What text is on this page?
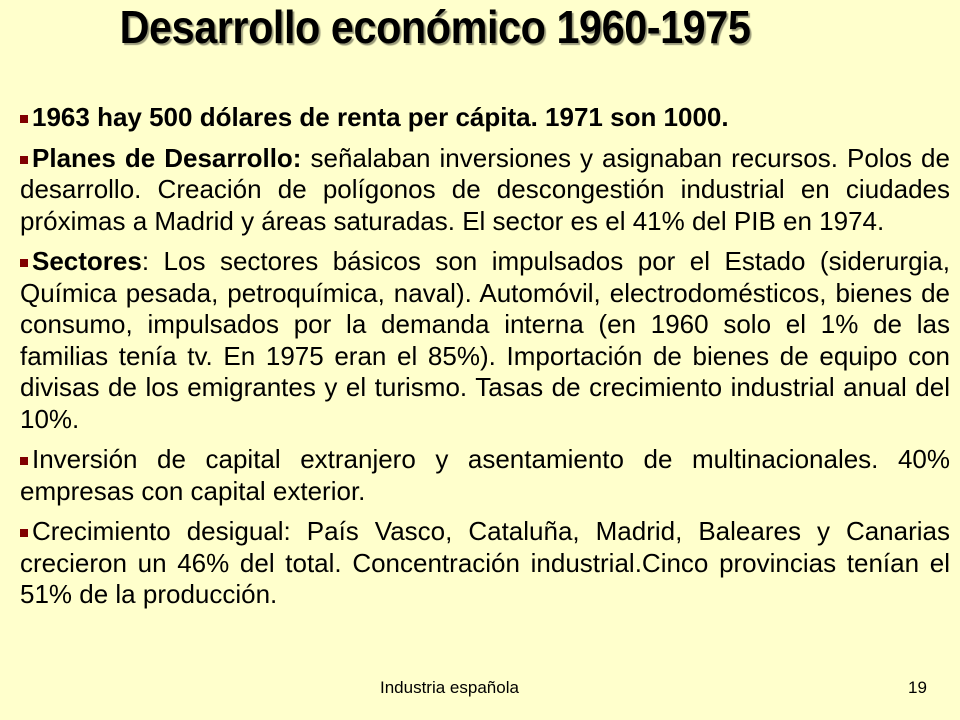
Desarrollo económico 1960-1975
1963 hay 500 dólares de renta per cápita. 1971 son 1000.
Planes de Desarrollo: señalaban inversiones y asignaban recursos. Polos de desarrollo. Creación de polígonos de descongestión industrial en ciudades próximas a Madrid y áreas saturadas. El sector es el 41% del PIB en 1974.
Sectores: Los sectores básicos son impulsados por el Estado (siderurgia, Química pesada, petroquímica, naval). Automóvil, electrodomésticos, bienes de consumo, impulsados por la demanda interna (en 1960 solo el 1% de las familias tenía tv. En 1975 eran el 85%). Importación de bienes de equipo con divisas de los emigrantes y el turismo. Tasas de crecimiento industrial anual del 10%.
Inversión de capital extranjero y asentamiento de multinacionales. 40% empresas con capital exterior.
Crecimiento desigual: País Vasco, Cataluña, Madrid, Baleares y Canarias crecieron un 46% del total. Concentración industrial.Cinco provincias tenían el 51% de la producción.
Industria española	19
